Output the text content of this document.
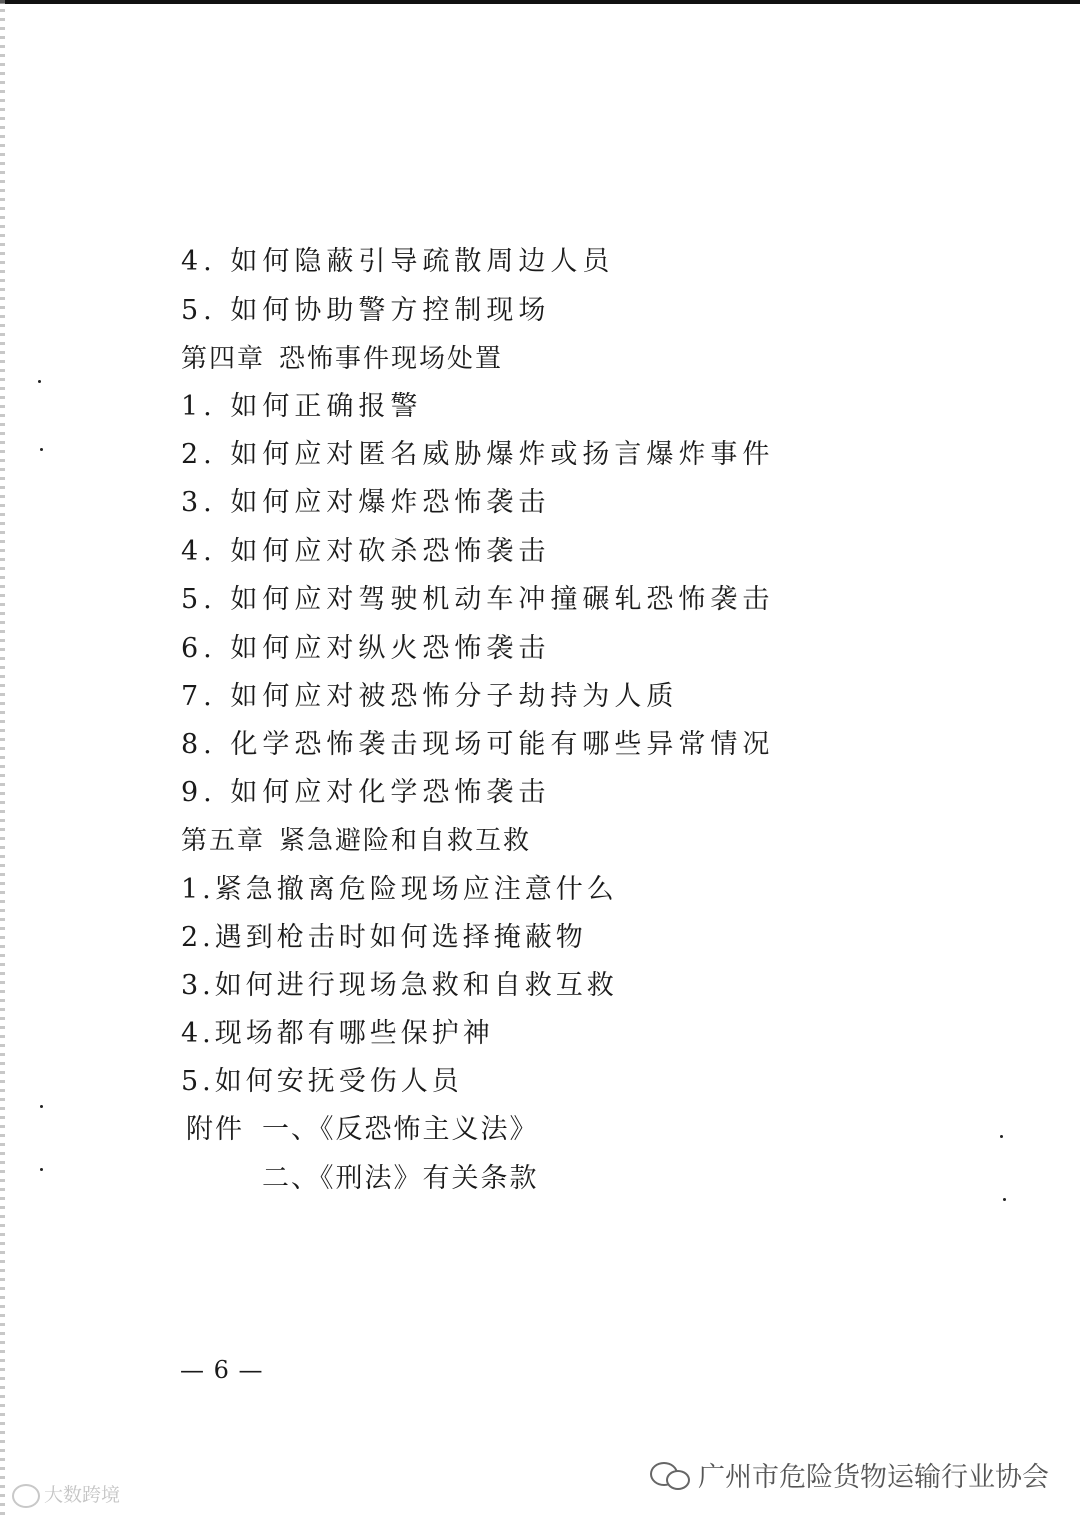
4. 如何隐蔽引导疏散周边人员
5. 如何协助警方控制现场
第四章 恐怖事件现场处置
1. 如何正确报警
2. 如何应对匿名威胁爆炸或扬言爆炸事件
3. 如何应对爆炸恐怖袭击
4. 如何应对砍杀恐怖袭击
5. 如何应对驾驶机动车冲撞碾轧恐怖袭击
6. 如何应对纵火恐怖袭击
7. 如何应对被恐怖分子劫持为人质
8. 化学恐怖袭击现场可能有哪些异常情况
9. 如何应对化学恐怖袭击
第五章 紧急避险和自救互救
1.紧急撤离危险现场应注意什么
2.遇到枪击时如何选择掩蔽物
3.如何进行现场急救和自救互救
4.现场都有哪些保护神
5.如何安抚受伤人员
附件 一、《反恐怖主义法》
二、《刑法》有关条款
— 6 —
大数跨境
广州市危险货物运输行业协会
